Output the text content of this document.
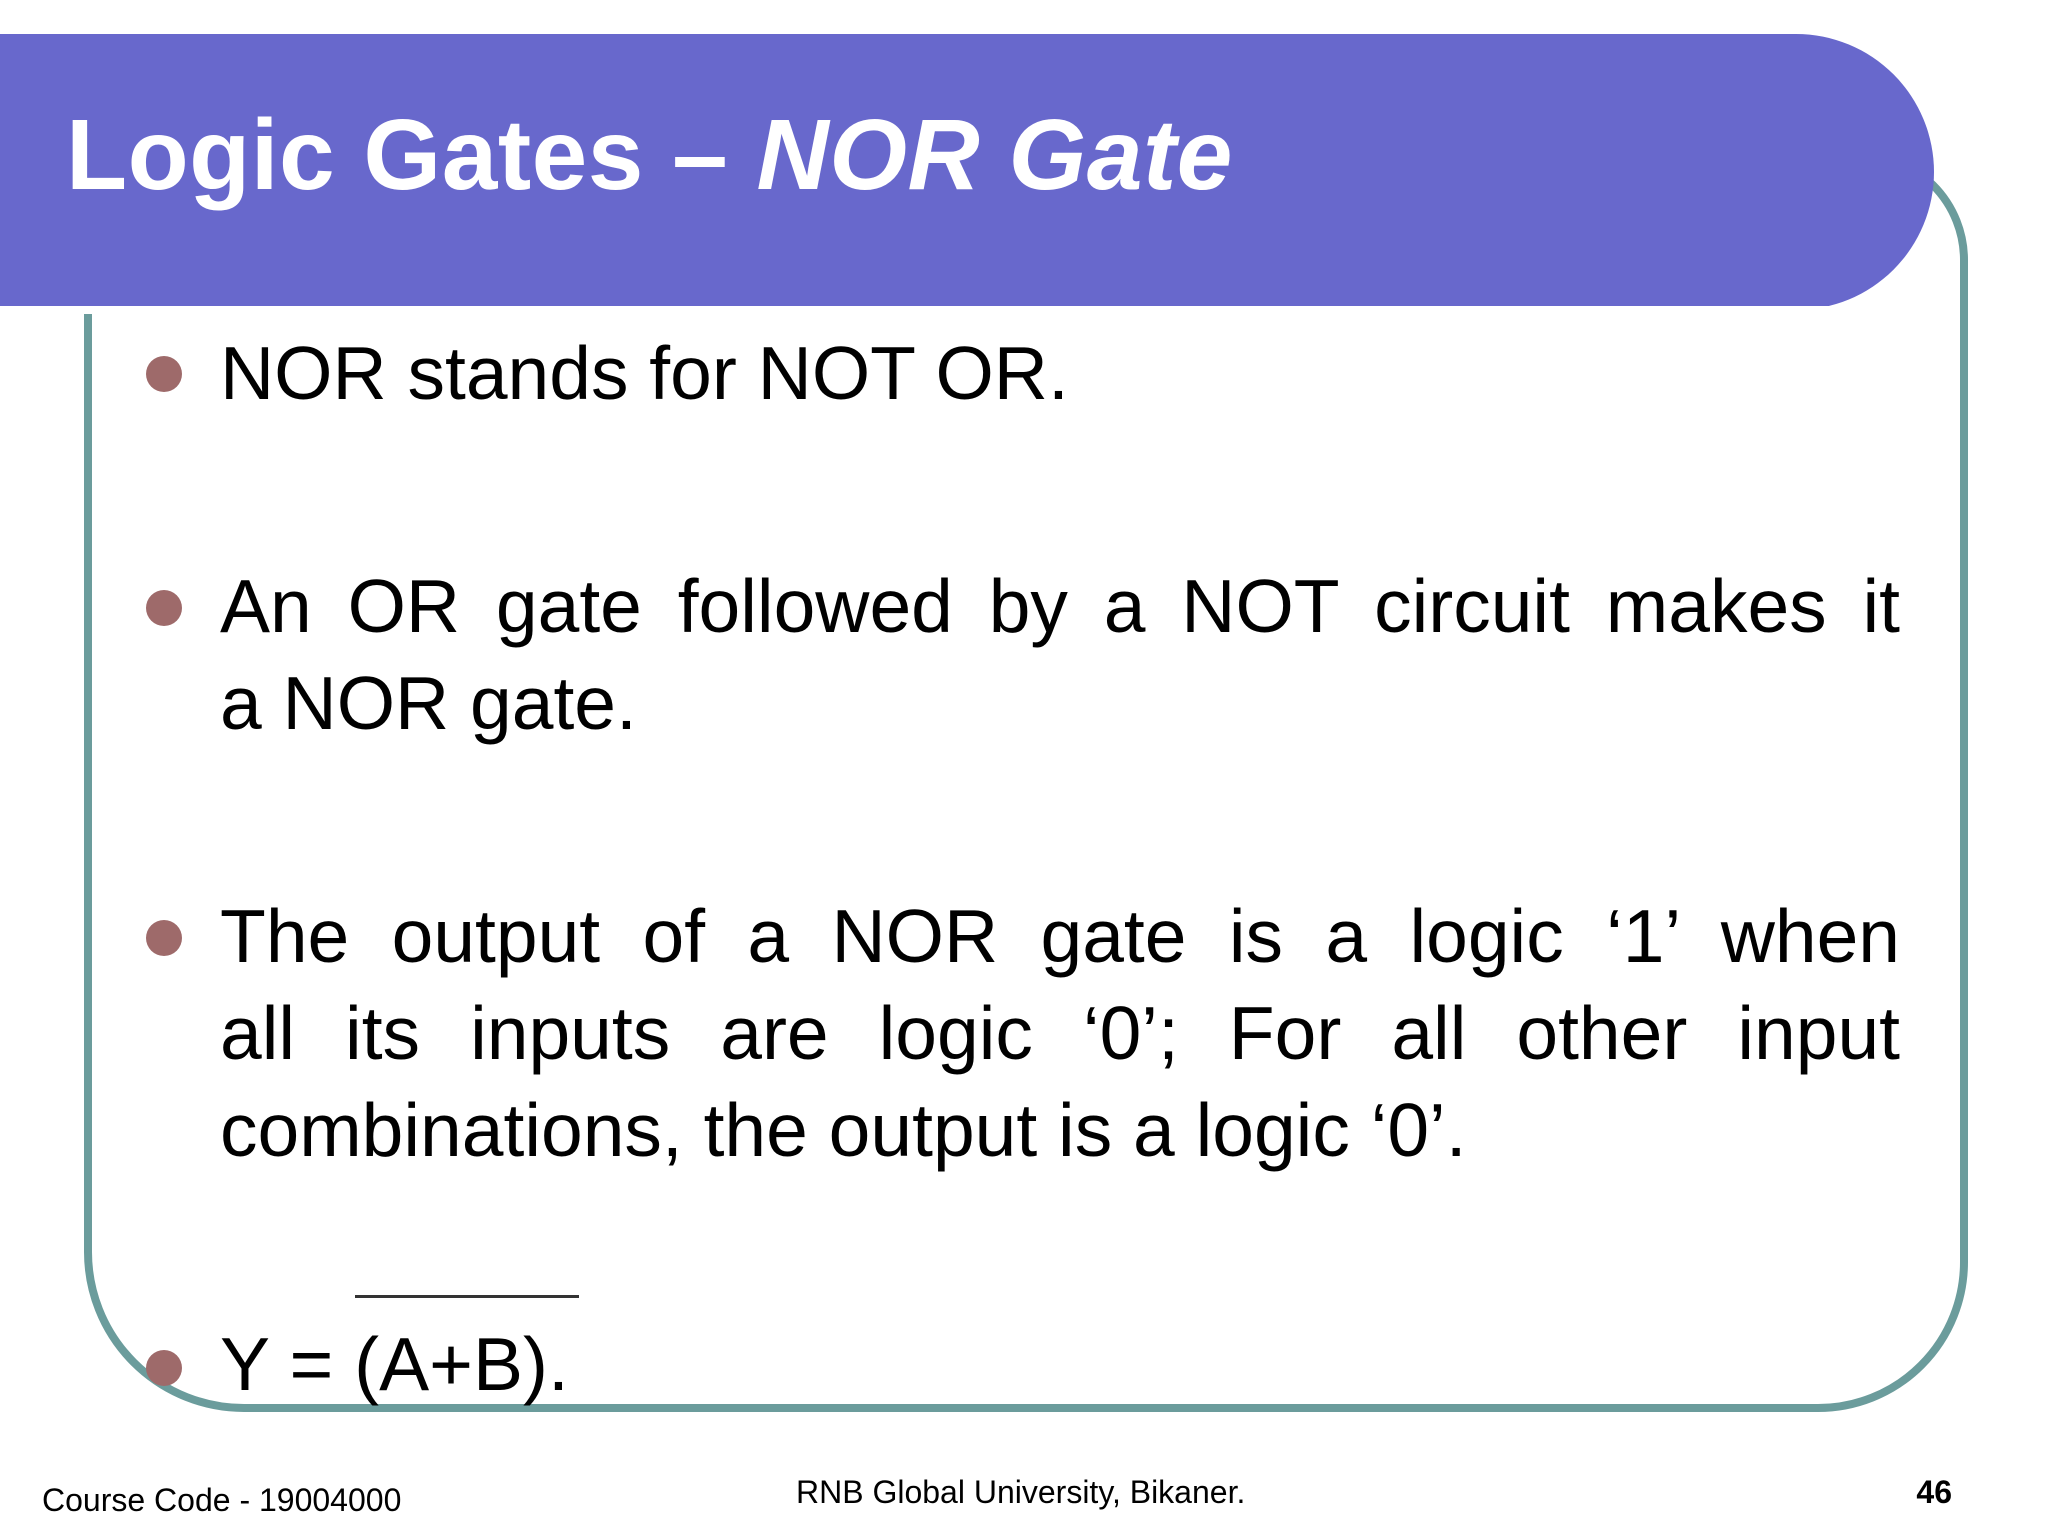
Logic Gates – NOR Gate
NOR stands for NOT OR.
An OR gate followed by a NOT circuit makes it
a NOR gate.
The output of a NOR gate is a logic ‘1’ when
all its inputs are logic ‘0’; For all other input
combinations, the output is a logic ‘0’.
Y = (A+B).
Course Code - 19004000	RNB Global University, Bikaner.	46
